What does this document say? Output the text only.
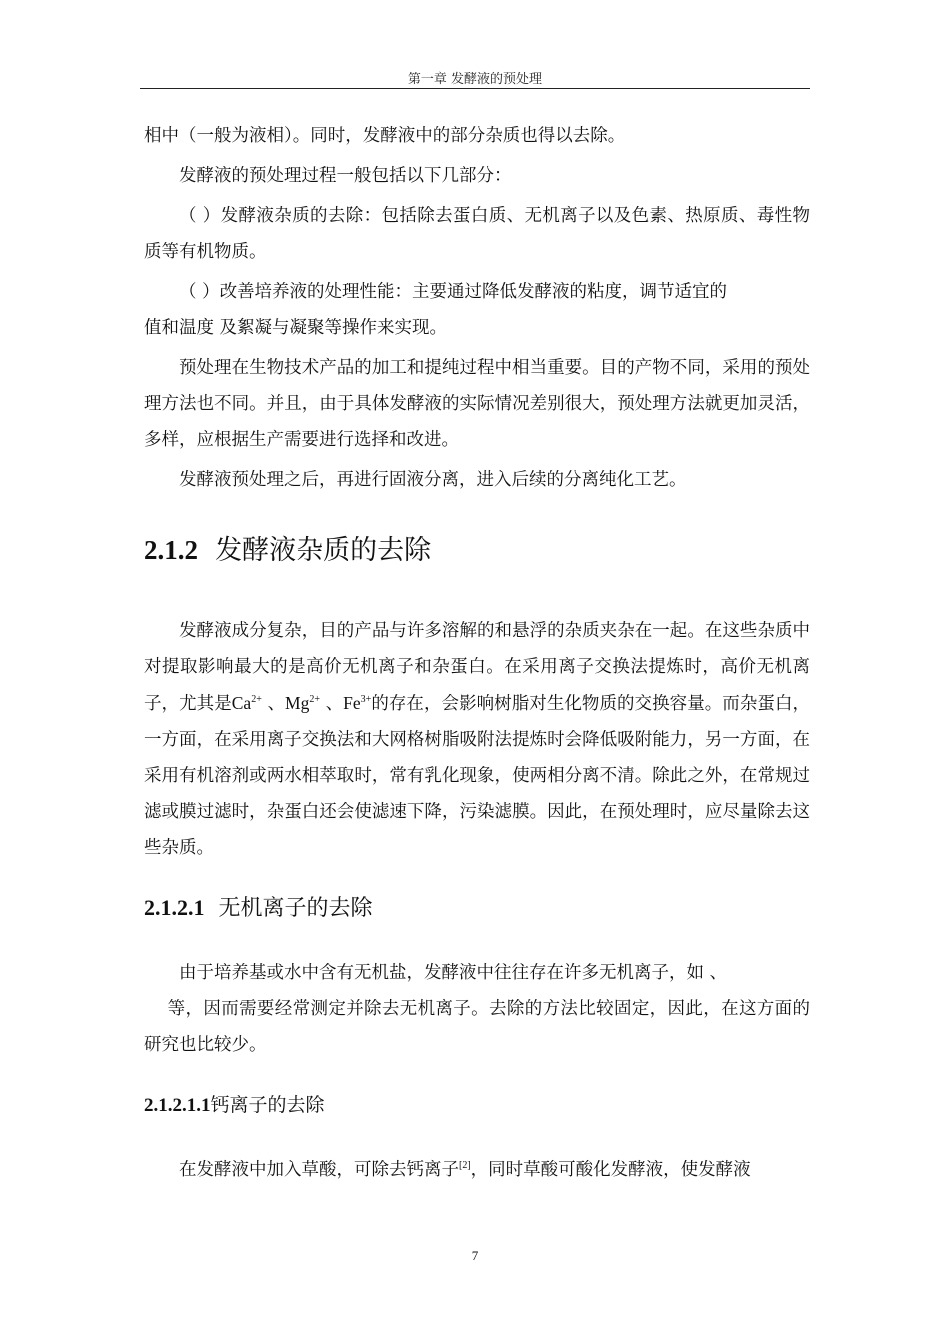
第一章 发酵液的预处理

相中（一般为液相）。同时，发酵液中的部分杂质也得以去除。

发酵液的预处理过程一般包括以下几部分：

（ ）发酵液杂质的去除：包括除去蛋白质、无机离子以及色素、热原质、毒性物质等有机物质。

（ ）改善培养液的处理性能：主要通过降低发酵液的粘度，调节适宜的

值和温度 及絮凝与凝聚等操作来实现。

预处理在生物技术产品的加工和提纯过程中相当重要。目的产物不同，采用的预处理方法也不同。并且，由于具体发酵液的实际情况差别很大，预处理方法就更加灵活，多样，应根据生产需要进行选择和改进。

发酵液预处理之后，再进行固液分离，进入后续的分离纯化工艺。

2.1.2 发酵液杂质的去除

发酵液成分复杂，目的产品与许多溶解的和悬浮的杂质夹杂在一起。在这些杂质中对提取影响最大的是高价无机离子和杂蛋白。在采用离子交换法提炼时，高价无机离子，尤其是$Ca^{2+}$ 、$Mg^{2+}$ 、$Fe^{3+}$的存在，会影响树脂对生化物质的交换容量。而杂蛋白，一方面，在采用离子交换法和大网格树脂吸附法提炼时会降低吸附能力，另一方面，在采用有机溶剂或两水相萃取时，常有乳化现象，使两相分离不清。除此之外，在常规过滤或膜过滤时，杂蛋白还会使滤速下降，污染滤膜。因此，在预处理时，应尽量除去这些杂质。

2.1.2.1 无机离子的去除

由于培养基或水中含有无机盐，发酵液中往往存在许多无机离子，如 、

等，因而需要经常测定并除去无机离子。去除的方法比较固定，因此，在这方面的研究也比较少。

2.1.2.1.1钙离子的去除

在发酵液中加入草酸，可除去钙离子[2]，同时草酸可酸化发酵液，使发酵液

7
